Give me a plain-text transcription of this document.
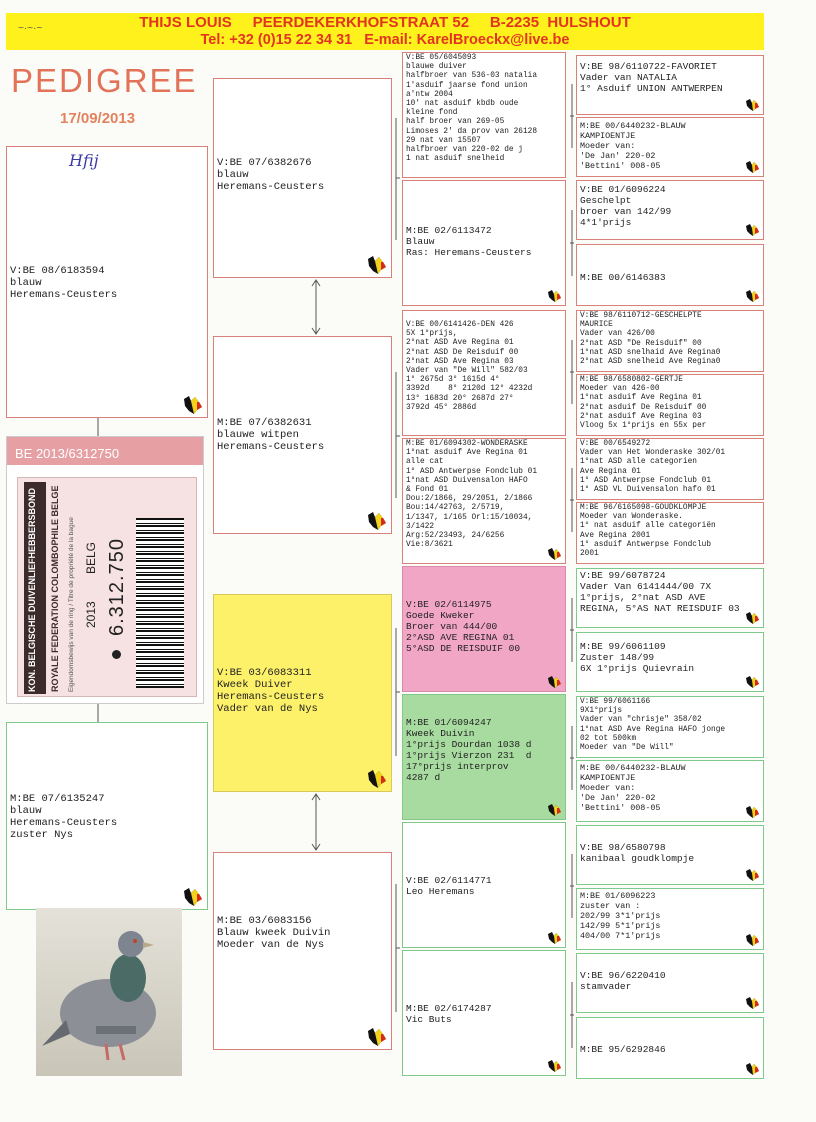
~·~·~	THIJS LOUIS     PEERDEKERKHOFSTRAAT 52     B-2235  HULSHOUT
Tel: +32 (0)15 22 34 31   E-mail: KarelBroeckx@live.be
PEDIGREE
17/09/2013
Hfij
V:BE 08/6183594
blauw
Heremans-Ceusters
M:BE 07/6135247
blauw
Heremans-Ceusters
zuster Nys
BE 2013/6312750
KON. BELGISCHE DUIVENLIEFHEBBERSBOND ROYALE FEDERATION COLOMBOPHILE BELGE Eigendomsbewijs van de ring / Titre de propriété de la bague 2013
BELG 6.312.750
V:BE 07/6382676
blauw
Heremans-Ceusters
M:BE 07/6382631
blauwe witpen
Heremans-Ceusters
V:BE 03/6083311
Kweek Duiver
Heremans-Ceusters
Vader van de Nys
M:BE 03/6083156
Blauw kweek Duivin
Moeder van de Nys
V:BE 05/6045093
blauwe duiver
halfbroer van 536-03 natalia
1'asduif jaarse fond union
a'ntw 2004
10' nat asduif kbdb oude
kleine fond
half broer van 269-05
Limoses 2' da prov van 26128
29 nat van 15507
halfbroer van 220-02 de j
1 nat asduif snelheid
M:BE 02/6113472
Blauw
Ras: Heremans-Ceusters
V:BE 00/6141426-DEN 426
5X 1°prijs,
2°nat ASD Ave Regina 01
2°nat ASD De Reisduif 00
2°nat ASD Ave Regina 03
Vader van "De Will" 582/03
1° 2675d 3° 1615d 4°
3392d    8° 2120d 12° 4232d
13° 1683d 20° 2687d 27°
3792d 45° 2886d
M:BE 01/6094302-WONDERASKE
1°nat asduif Ave Regina 01
alle cat
1° ASD Antwerpse Fondclub 01
1°nat ASD Duivensalon HAFO
& Fond 01
Dou:2/1866, 29/2051, 2/1866
Bou:14/42763, 2/5719,
1/1347, 1/165 Orl:15/10034,
3/1422
Arg:52/23493, 24/6256
Vie:8/3621
V:BE 02/6114975
Goede Kweker
Broer van 444/00
2°ASD AVE REGINA 01
5°ASD DE REISDUIF 00
M:BE 01/6094247
Kweek Duivin
1°prijs Dourdan 1038 d
1°prijs Vierzon 231  d
17°prijs interprov
4287 d
V:BE 02/6114771
Leo Heremans
M:BE 02/6174287
Vic Buts
V:BE 98/6110722-FAVORIET
Vader van NATALIA
1° Asduif UNION ANTWERPEN
M:BE 00/6440232-BLAUW
KAMPIOENTJE
Moeder van:
'De Jan' 220-02
'Bettini' 008-05
V:BE 01/6096224
Geschelpt
broer van 142/99
4*1'prijs
M:BE 00/6146383
V:BE 98/6110712-GESCHELPTE
MAURICE
Vader van 426/00
2°nat ASD "De Reisduif" 00
1°nat ASD snelhaid Ave Regina0
2°nat ASD snelheid Ave Regina0
M:BE 98/6580802-GERTJE
Moeder van 426-00
1°nat asduif Ave Regina 01
2°nat asduif De Reisduif 00
2°nat asduif Ave Regina 03
Vloog 5x 1°prijs en 55x per
V:BE 00/6549272
Vader van Het Wonderaske 302/01
1°nat ASD alle categorien
Ave Regina 01
1° ASD Antwerpse Fondclub 01
1° ASD VL Duivensalon hafo 01
M:BE 96/6165098-GOUDKLOMPJE
Moeder van Wonderaske.
1° nat asduif alle categoriën
Ave Regina 2001
1° asduif Antwerpse Fondclub
2001
V:BE 99/6078724
Vader Van 6141444/00 7X
1°prijs, 2°nat ASD AVE
REGINA, 5°AS NAT REISDUIF 03
M:BE 99/6061109
Zuster 148/99
6X 1°prijs Quievrain
V:BE 99/6061166
9X1°prijs
Vader van "chrisje" 358/02
1°nat ASD Ave Regina HAFO jonge
02 tot 500km
Moeder van "De Will"
M:BE 00/6440232-BLAUW
KAMPIOENTJE
Moeder van:
'De Jan' 220-02
'Bettini' 008-05
V:BE 98/6580798
kanibaal goudklompje
M:BE 01/6096223
zuster van :
202/99 3*1'prijs
142/99 5*1'prijs
404/00 7*1'prijs
V:BE 96/6220410
stamvader
M:BE 95/6292846
